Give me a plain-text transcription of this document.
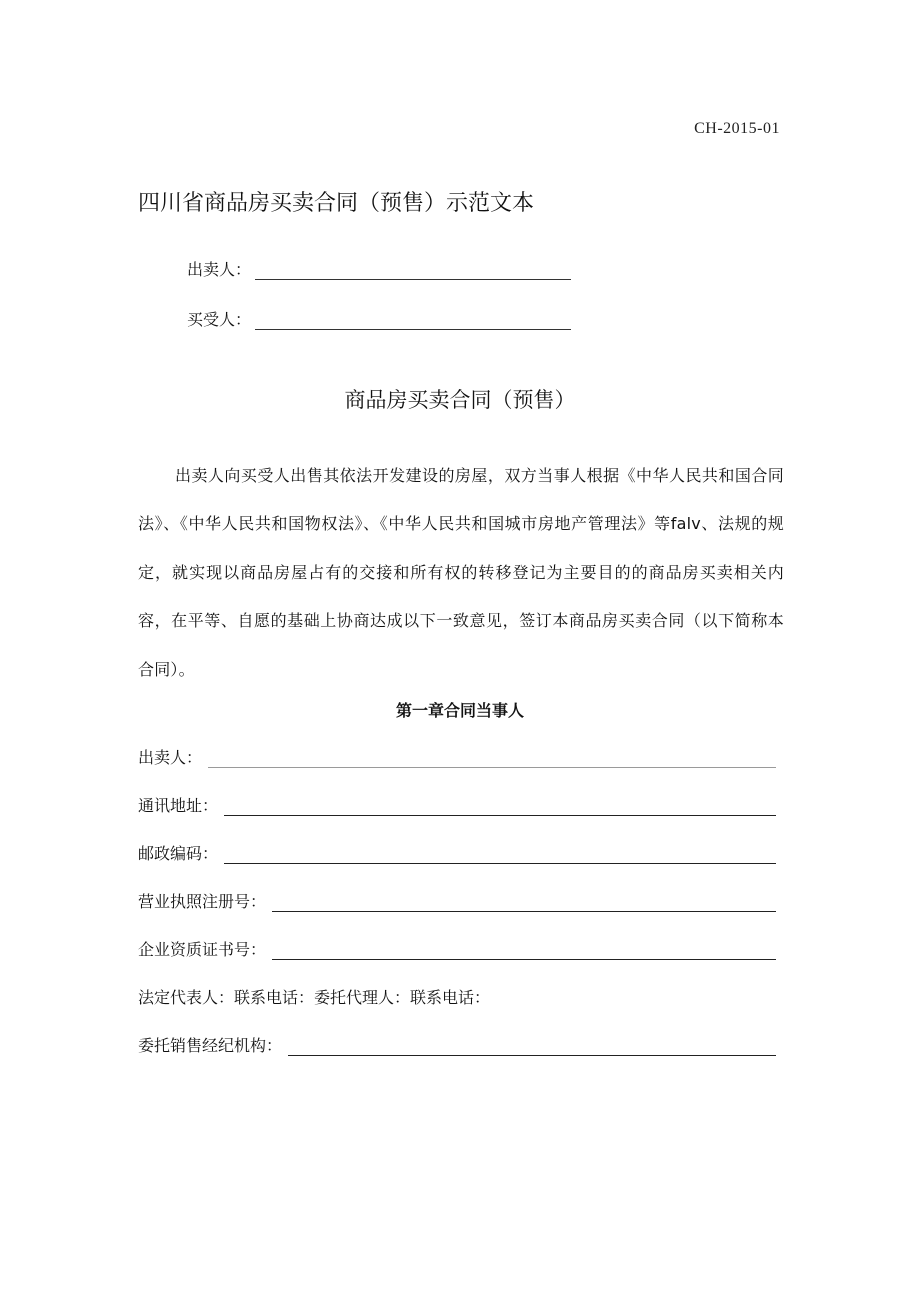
CH-2015-01
四川省商品房买卖合同（预售）示范文本
出卖人：
买受人：
商品房买卖合同（预售）
出卖人向买受人出售其依法开发建设的房屋，双方当事人根据《中华人民共和国合同法》、《中华人民共和国物权法》、《中华人民共和国城市房地产管理法》等falv、法规的规定，就实现以商品房屋占有的交接和所有权的转移登记为主要目的的商品房买卖相关内容，在平等、自愿的基础上协商达成以下一致意见，签订本商品房买卖合同（以下简称本合同）。
第一章合同当事人
出卖人：
通讯地址：
邮政编码：
营业执照注册号：
企业资质证书号：
法定代表人：联系电话：委托代理人：联系电话：
委托销售经纪机构：
